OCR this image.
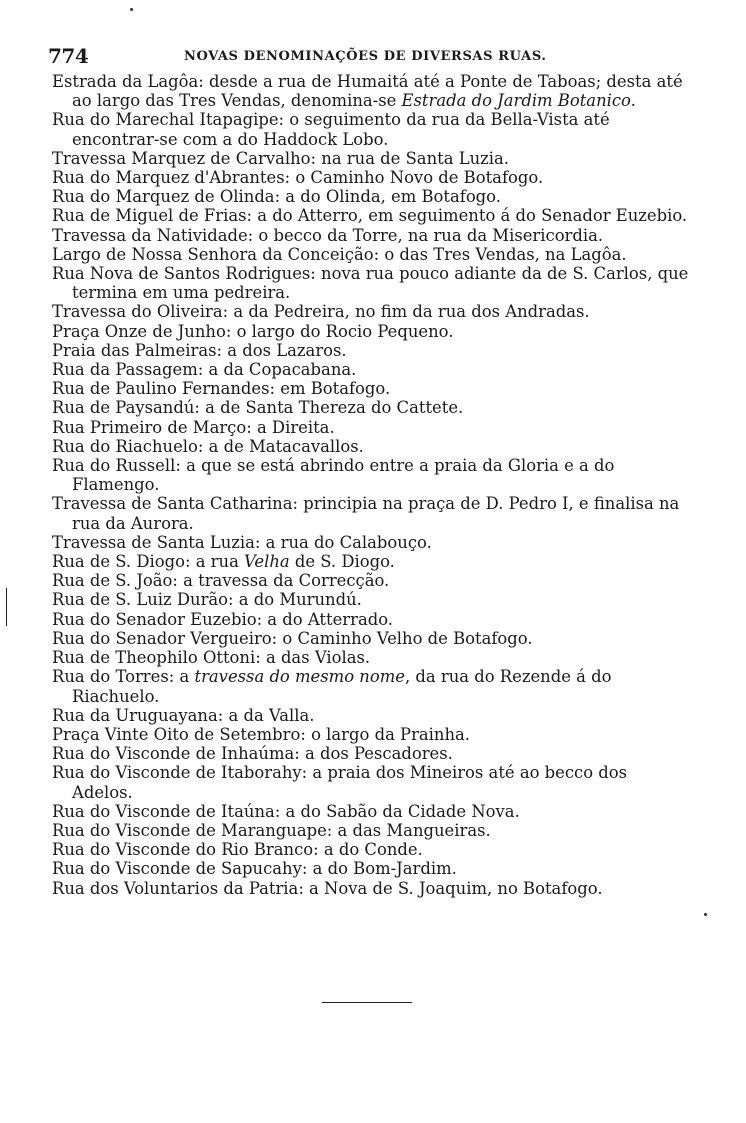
774	NOVAS DENOMINAÇÕES DE DIVERSAS RUAS.

Estrada da Lagôa: desde a rua de Humaitá até a Ponte de Taboas; desta até ao largo das Tres Vendas, denomina-se Estrada do Jardim Botanico.

Rua do Marechal Itapagipe: o seguimento da rua da Bella-Vista até encontrar-se com a do Haddock Lobo.

Travessa Marquez de Carvalho: na rua de Santa Luzia.

Rua do Marquez d'Abrantes: o Caminho Novo de Botafogo.

Rua do Marquez de Olinda: a do Olinda, em Botafogo.

Rua de Miguel de Frias: a do Atterro, em seguimento á do Senador Euzebio.

Travessa da Natividade: o becco da Torre, na rua da Misericordia.

Largo de Nossa Senhora da Conceição: o das Tres Vendas, na Lagôa.

Rua Nova de Santos Rodrigues: nova rua pouco adiante da de S. Carlos, que termina em uma pedreira.

Travessa do Oliveira: a da Pedreira, no fim da rua dos Andradas.

Praça Onze de Junho: o largo do Rocio Pequeno.

Praia das Palmeiras: a dos Lazaros.

Rua da Passagem: a da Copacabana.

Rua de Paulino Fernandes: em Botafogo.

Rua de Paysandú: a de Santa Thereza do Cattete.

Rua Primeiro de Março: a Direita.

Rua do Riachuelo: a de Matacavallos.

Rua do Russell: a que se está abrindo entre a praia da Gloria e a do Flamengo.

Travessa de Santa Catharina: principia na praça de D. Pedro I, e finalisa na rua da Aurora.

Travessa de Santa Luzia: a rua do Calabouço.

Rua de S. Diogo: a rua Velha de S. Diogo.

Rua de S. João: a travessa da Correcção.

Rua de S. Luiz Durão: a do Murundú.

Rua do Senador Euzebio: a do Atterrado.

Rua do Senador Vergueiro: o Caminho Velho de Botafogo.

Rua de Theophilo Ottoni: a das Violas.

Rua do Torres: a travessa do mesmo nome, da rua do Rezende á do Riachuelo.

Rua da Uruguayana: a da Valla.

Praça Vinte Oito de Setembro: o largo da Prainha.

Rua do Visconde de Inhaúma: a dos Pescadores.

Rua do Visconde de Itaborahy: a praia dos Mineiros até ao becco dos Adelos.

Rua do Visconde de Itaúna: a do Sabão da Cidade Nova.

Rua do Visconde de Maranguape: a das Mangueiras.

Rua do Visconde do Rio Branco: a do Conde.

Rua do Visconde de Sapucahy: a do Bom-Jardim.

Rua dos Voluntarios da Patria: a Nova de S. Joaquim, no Botafogo.
